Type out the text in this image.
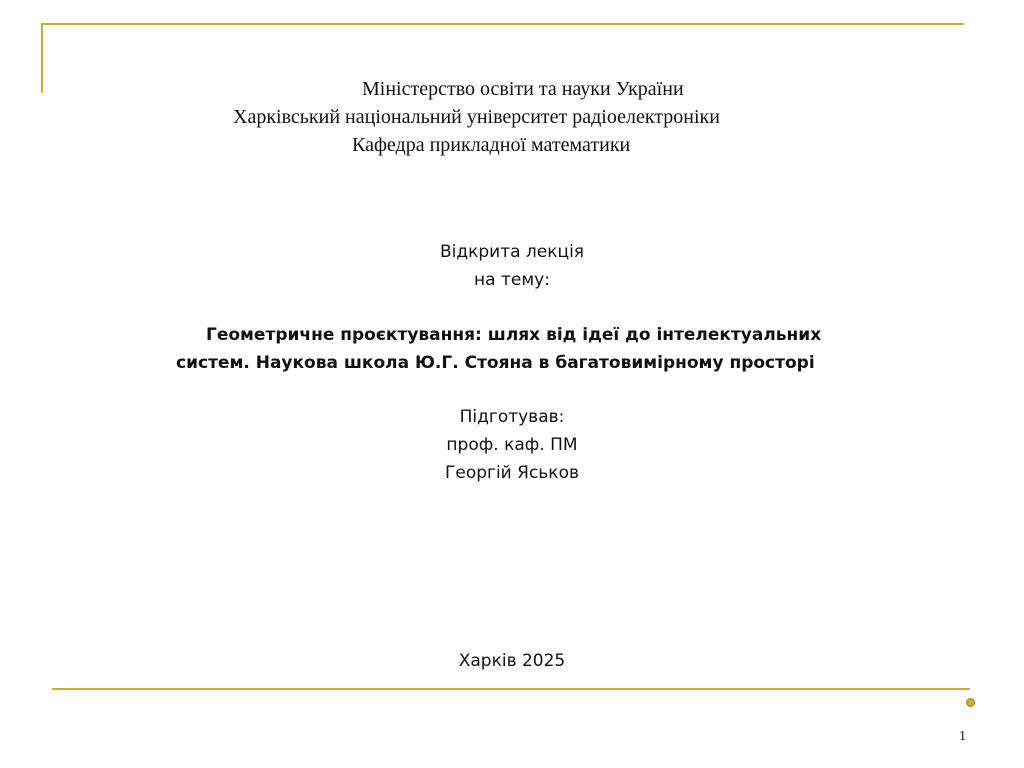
Міністерство освіти та науки України
Харківський національний університет радіоелектроніки
Кафедра прикладної математики
Відкрита лекція
на тему:
Геометричне проєктування: шлях від ідеї до інтелектуальних
систем. Наукова школа Ю.Г. Стояна в багатовимірному просторі
Підготував:
проф. каф. ПМ
Георгій Яськов
Харків 2025
1
